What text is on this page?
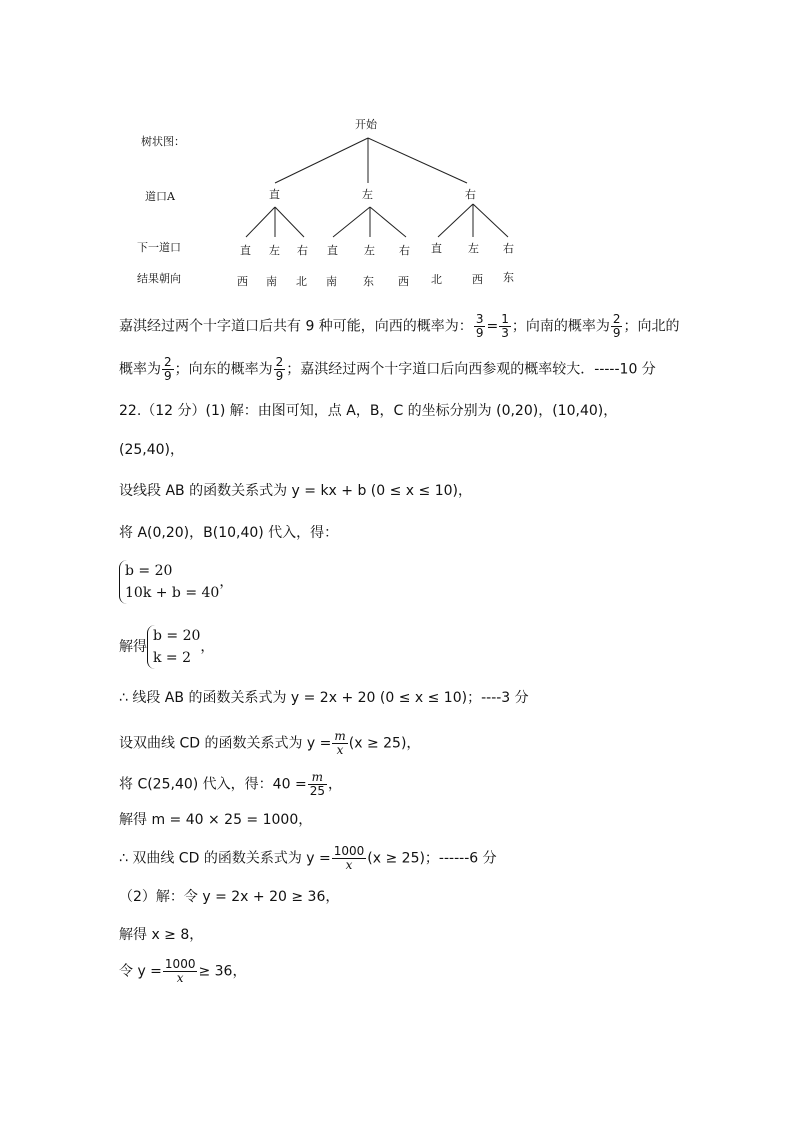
树状图：
开始
道口A
下一道口
结果朝向
直	左	右
直 左 右 直 左 右 直 左 右
西 南 北 南 东 西 北	西 东
嘉淇经过两个十字道口后共有 9 种可能，向西的概率为： $\frac{3}{9} = \frac{1}{3}$ ；向南的概率为 $\frac{2}{9}$ ；向北的
概率为 $\frac{2}{9}$ ；向东的概率为 $\frac{2}{9}$ ；嘉淇经过两个十字道口后向西参观的概率较大．-----10 分
22.（12 分）(1) 解：由图可知，点 A，B，C 的坐标分别为 (0,20)，(10,40)，
(25,40)，
设线段 AB 的函数关系式为 y = kx + b (0 ≤ x ≤ 10)，
将 A(0,20)，B(10,40) 代入，得：
b = 20
10k + b = 40
，
解得
b = 20
k = 2
，
∴ 线段 AB 的函数关系式为 y = 2x + 20 (0 ≤ x ≤ 10)；----3 分
设双曲线 CD 的函数关系式为 $y = \frac{m}{x} (x \ge 25)$，
将 C(25,40) 代入，得：$40 = \frac{m}{25}$ ，
解得 m = 40 × 25 = 1000，
∴ 双曲线 CD 的函数关系式为 $y = \frac{1000}{x} (x \ge 25)$；------6 分
（2）解：令 y = 2x + 20 ≥ 36，
解得 x ≥ 8，
令 $y = \frac{1000}{x} \ge 36$，
